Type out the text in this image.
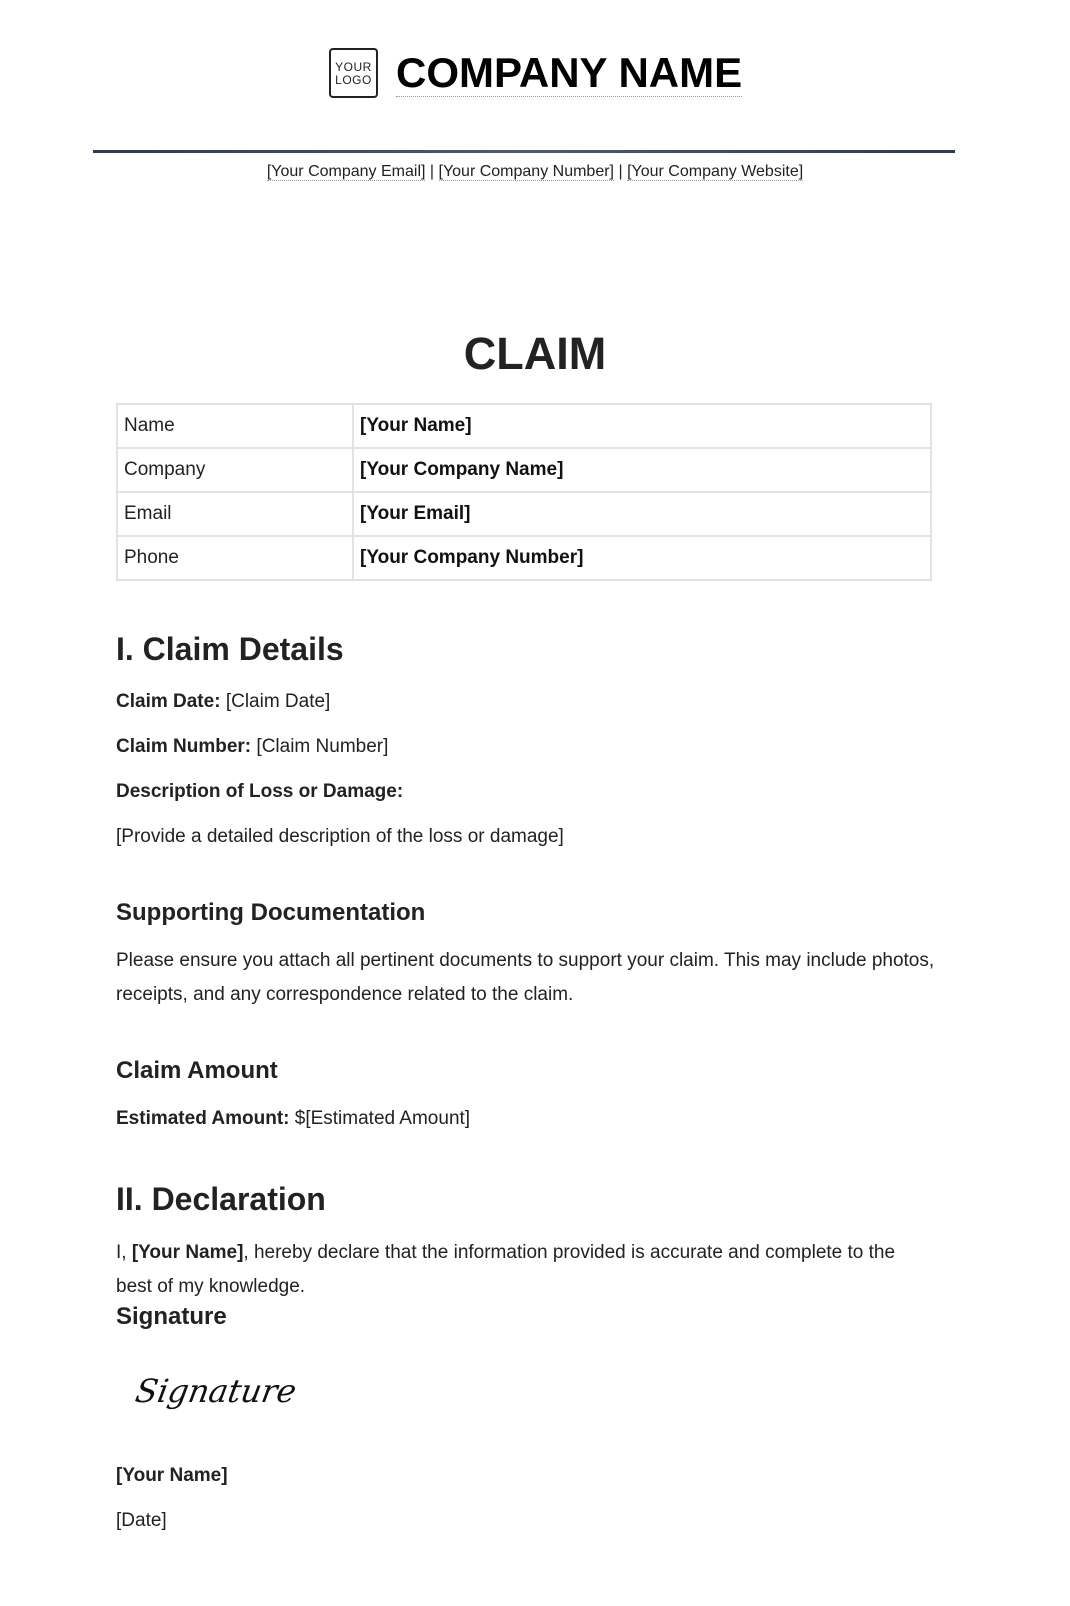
YOUR
LOGO COMPANY NAME
[Your Company Email] | [Your Company Number] | [Your Company Website]
CLAIM
Name	[Your Name]
Company	[Your Company Name]
Email	[Your Email]
Phone	[Your Company Number]
I. Claim Details
Claim Date: [Claim Date]
Claim Number: [Claim Number]
Description of Loss or Damage:
[Provide a detailed description of the loss or damage]
Supporting Documentation
Please ensure you attach all pertinent documents to support your claim. This may include photos, receipts, and any correspondence related to the claim.
Claim Amount
Estimated Amount: $[Estimated Amount]
II. Declaration
I, [Your Name], hereby declare that the information provided is accurate and complete to the best of my knowledge.
Signature
Signature
[Your Name]
[Date]
